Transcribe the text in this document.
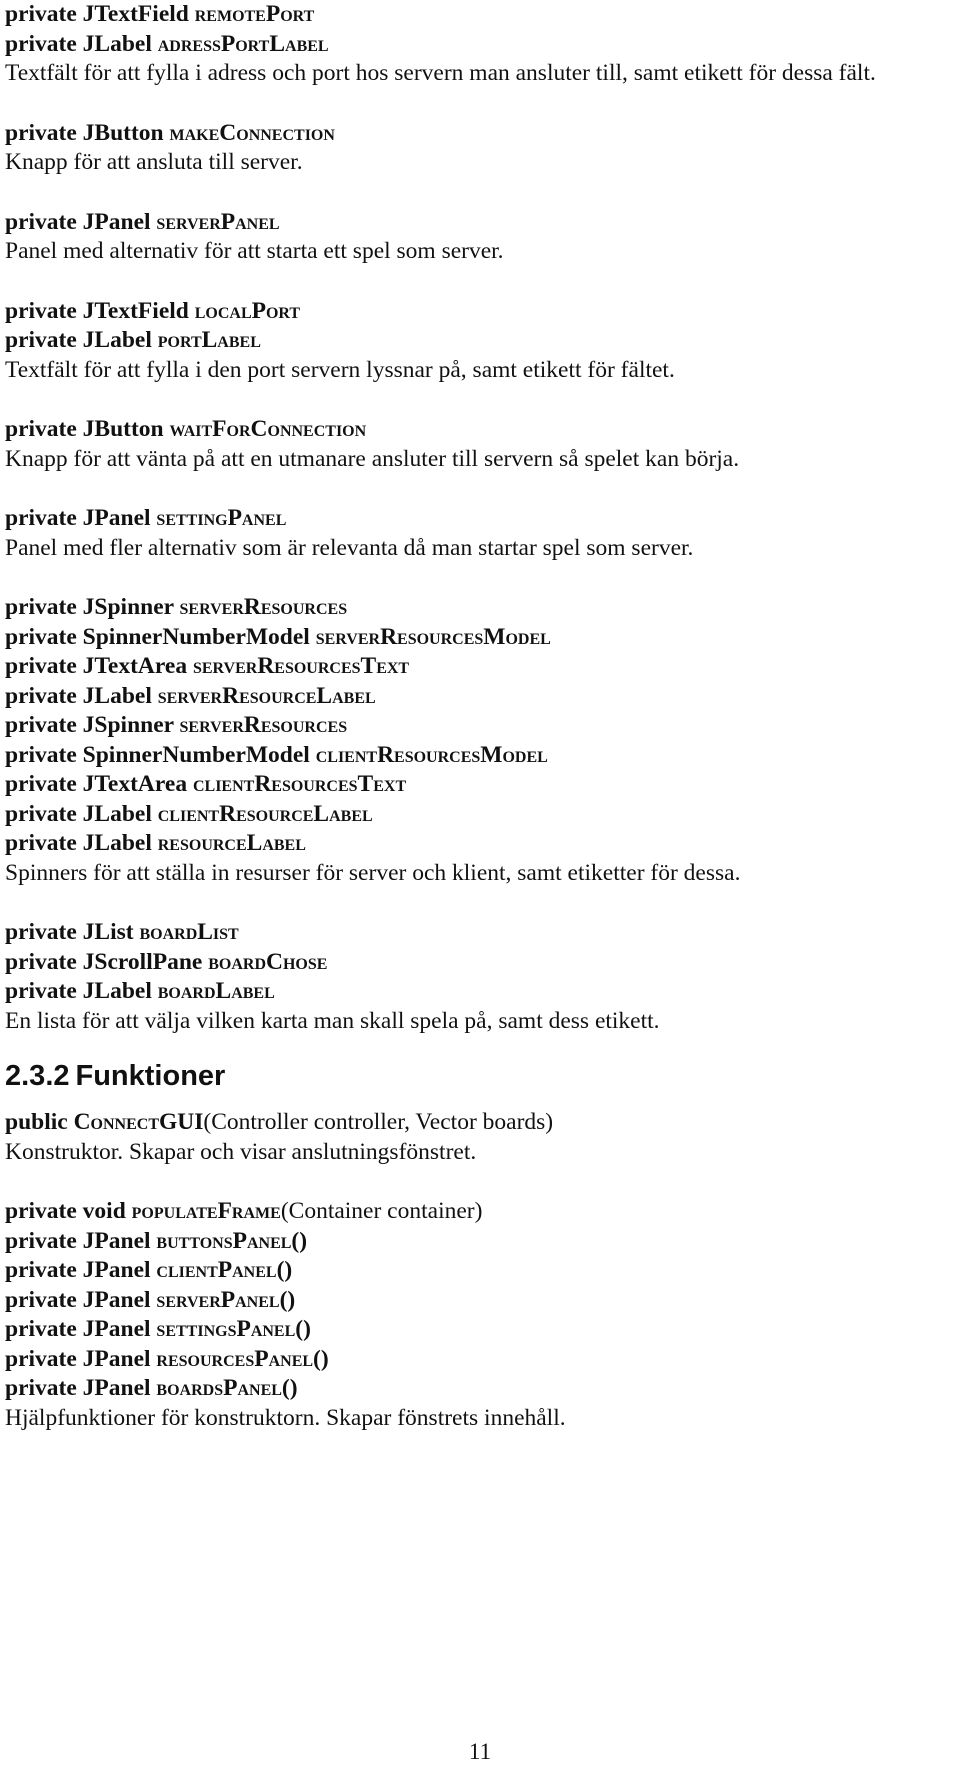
private JTextField remotePort
private JLabel adressPortLabel
Textfält för att fylla i adress och port hos servern man ansluter till, samt etikett för dessa fält.
private JButton makeConnection
Knapp för att ansluta till server.
private JPanel serverPanel
Panel med alternativ för att starta ett spel som server.
private JTextField localPort
private JLabel portLabel
Textfält för att fylla i den port servern lyssnar på, samt etikett för fältet.
private JButton waitForConnection
Knapp för att vänta på att en utmanare ansluter till servern så spelet kan börja.
private JPanel settingPanel
Panel med fler alternativ som är relevanta då man startar spel som server.
private JSpinner serverResources
private SpinnerNumberModel serverResourcesModel
private JTextArea serverResourcesText
private JLabel serverResourceLabel
private JSpinner serverResources
private SpinnerNumberModel clientResourcesModel
private JTextArea clientResourcesText
private JLabel clientResourceLabel
private JLabel resourceLabel
Spinners för att ställa in resurser för server och klient, samt etiketter för dessa.
private JList boardList
private JScrollPane boardChose
private JLabel boardLabel
En lista för att välja vilken karta man skall spela på, samt dess etikett.
2.3.2 Funktioner
public ConnectGUI(Controller controller, Vector boards)
Konstruktor. Skapar och visar anslutningsfönstret.
private void populateFrame(Container container)
private JPanel buttonsPanel()
private JPanel clientPanel()
private JPanel serverPanel()
private JPanel settingsPanel()
private JPanel resourcesPanel()
private JPanel boardsPanel()
Hjälpfunktioner för konstruktorn. Skapar fönstrets innehåll.
11
